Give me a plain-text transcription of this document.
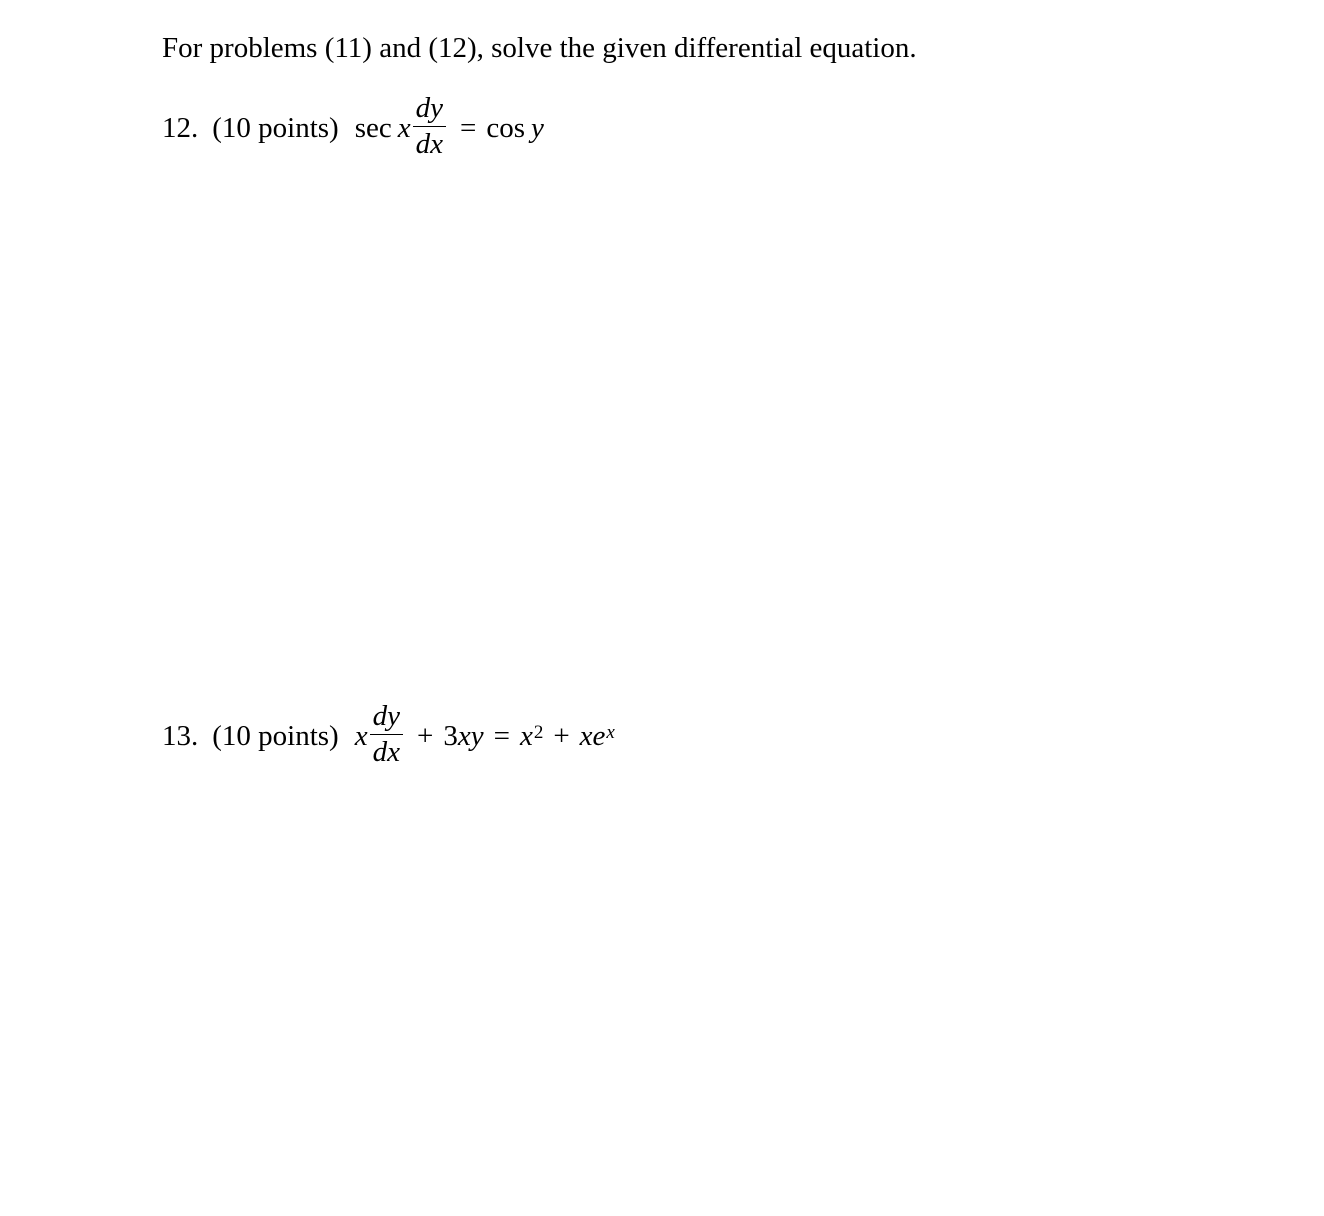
For problems (11) and (12), solve the given differential equation.
12. (10 points) sec x $\frac{dy}{dx} = \cos y$
13. (10 points) x $\frac{dy}{dx} + 3$ xy = $x^2 + xe^x$
